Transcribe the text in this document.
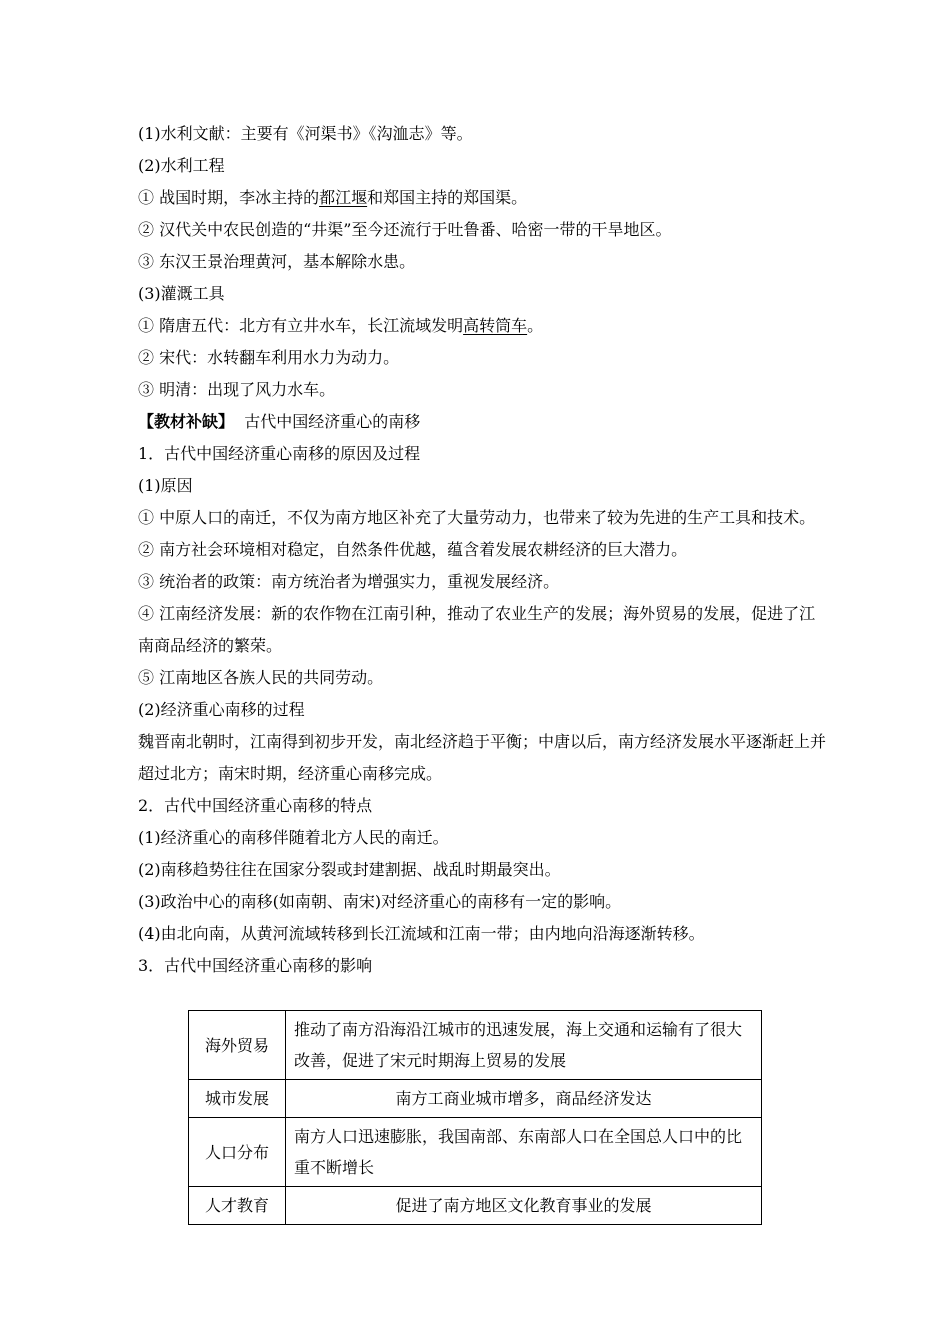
(1)水利文献：主要有《河渠书》《沟洫志》等。
(2)水利工程
① 战国时期，李冰主持的都江堰和郑国主持的郑国渠。
② 汉代关中农民创造的“井渠”至今还流行于吐鲁番、哈密一带的干旱地区。
③ 东汉王景治理黄河，基本解除水患。
(3)灌溉工具
① 隋唐五代：北方有立井水车，长江流域发明高转筒车。
② 宋代：水转翻车利用水力为动力。
③ 明清：出现了风力水车。
【教材补缺】 古代中国经济重心的南移
1．古代中国经济重心南移的原因及过程
(1)原因
① 中原人口的南迁，不仅为南方地区补充了大量劳动力，也带来了较为先进的生产工具和技术。
② 南方社会环境相对稳定，自然条件优越，蕴含着发展农耕经济的巨大潜力。
③ 统治者的政策：南方统治者为增强实力，重视发展经济。
④ 江南经济发展：新的农作物在江南引种，推动了农业生产的发展；海外贸易的发展，促进了江南商品经济的繁荣。
⑤ 江南地区各族人民的共同劳动。
(2)经济重心南移的过程
魏晋南北朝时，江南得到初步开发，南北经济趋于平衡；中唐以后，南方经济发展水平逐渐赶上并超过北方；南宋时期，经济重心南移完成。
2．古代中国经济重心南移的特点
(1)经济重心的南移伴随着北方人民的南迁。
(2)南移趋势往往在国家分裂或封建割据、战乱时期最突出。
(3)政治中心的南移(如南朝、南宋)对经济重心的南移有一定的影响。
(4)由北向南，从黄河流域转移到长江流域和江南一带；由内地向沿海逐渐转移。
3．古代中国经济重心南移的影响
海外贸易	推动了南方沿海沿江城市的迅速发展，海上交通和运输有了很大改善，促进了宋元时期海上贸易的发展
城市发展	南方工商业城市增多，商品经济发达
人口分布	南方人口迅速膨胀，我国南部、东南部人口在全国总人口中的比重不断增长
人才教育	促进了南方地区文化教育事业的发展
